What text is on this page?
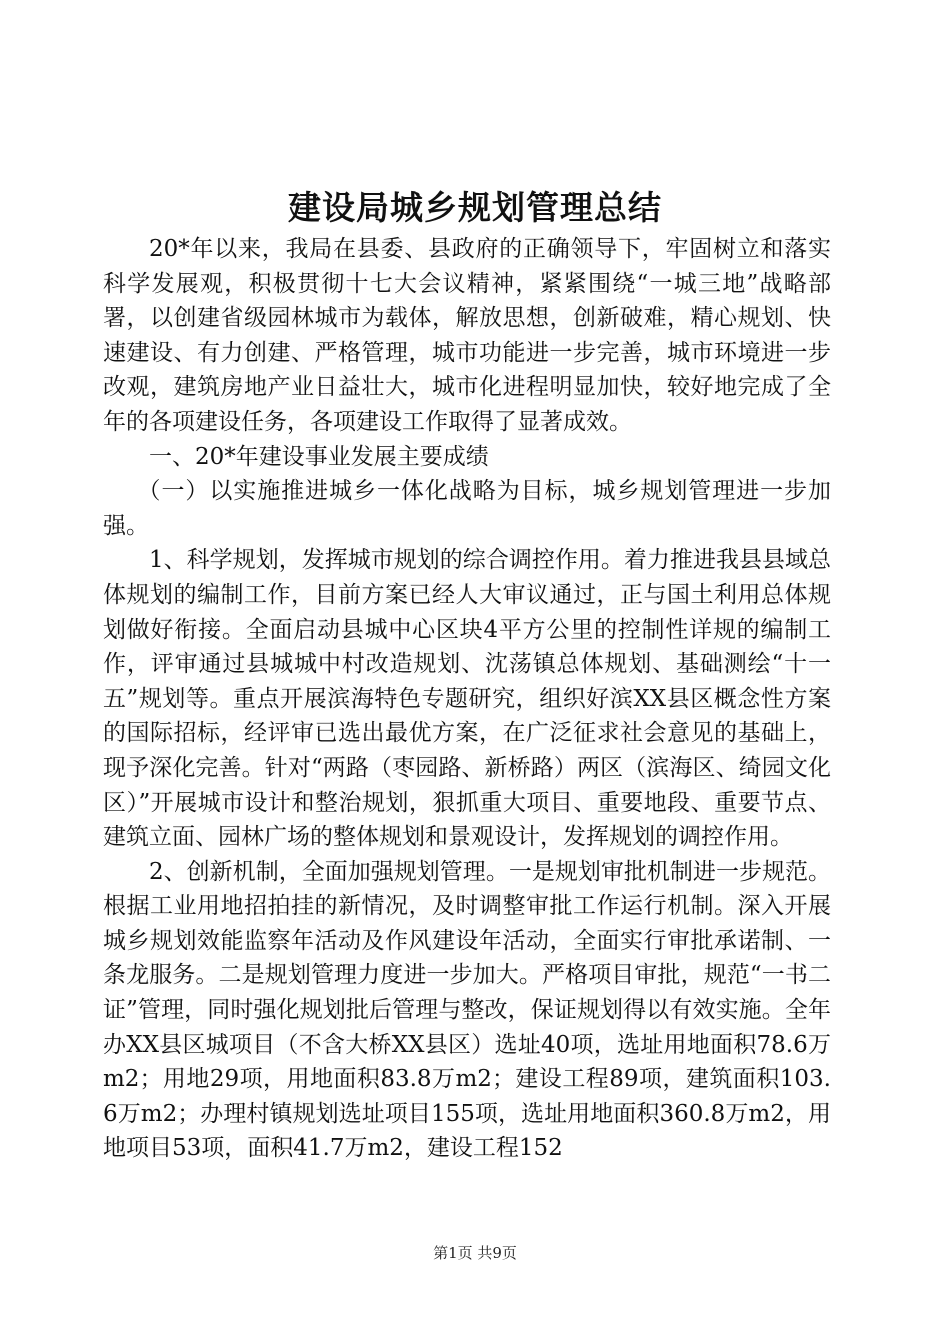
建设局城乡规划管理总结

20*年以来，我局在县委、县政府的正确领导下，牢固树立和落实科学发展观，积极贯彻十七大会议精神，紧紧围绕“一城三地”战略部署，以创建省级园林城市为载体，解放思想，创新破难，精心规划、快速建设、有力创建、严格管理，城市功能进一步完善，城市环境进一步改观，建筑房地产业日益壮大，城市化进程明显加快，较好地完成了全年的各项建设任务，各项建设工作取得了显著成效。

一、20*年建设事业发展主要成绩

（一）以实施推进城乡一体化战略为目标，城乡规划管理进一步加强。

1、科学规划，发挥城市规划的综合调控作用。着力推进我县县域总体规划的编制工作，目前方案已经人大审议通过，正与国土利用总体规划做好衔接。全面启动县城中心区块4平方公里的控制性详规的编制工作，评审通过县城城中村改造规划、沈荡镇总体规划、基础测绘“十一五”规划等。重点开展滨海特色专题研究，组织好滨XX县区概念性方案的国际招标，经评审已选出最优方案，在广泛征求社会意见的基础上，现予深化完善。针对“两路（枣园路、新桥路）两区（滨海区、绮园文化区）”开展城市设计和整治规划，狠抓重大项目、重要地段、重要节点、建筑立面、园林广场的整体规划和景观设计，发挥规划的调控作用。

2、创新机制，全面加强规划管理。一是规划审批机制进一步规范。根据工业用地招拍挂的新情况，及时调整审批工作运行机制。深入开展城乡规划效能监察年活动及作风建设年活动，全面实行审批承诺制、一条龙服务。二是规划管理力度进一步加大。严格项目审批，规范“一书二证”管理，同时强化规划批后管理与整改，保证规划得以有效实施。全年办XX县区城项目（不含大桥XX县区）选址40项，选址用地面积78.6万m2；用地29项，用地面积83.8万m2；建设工程89项，建筑面积103.6万m2；办理村镇规划选址项目155项，选址用地面积360.8万m2，用地项目53项，面积41.7万m2，建设工程152

第1页 共9页
